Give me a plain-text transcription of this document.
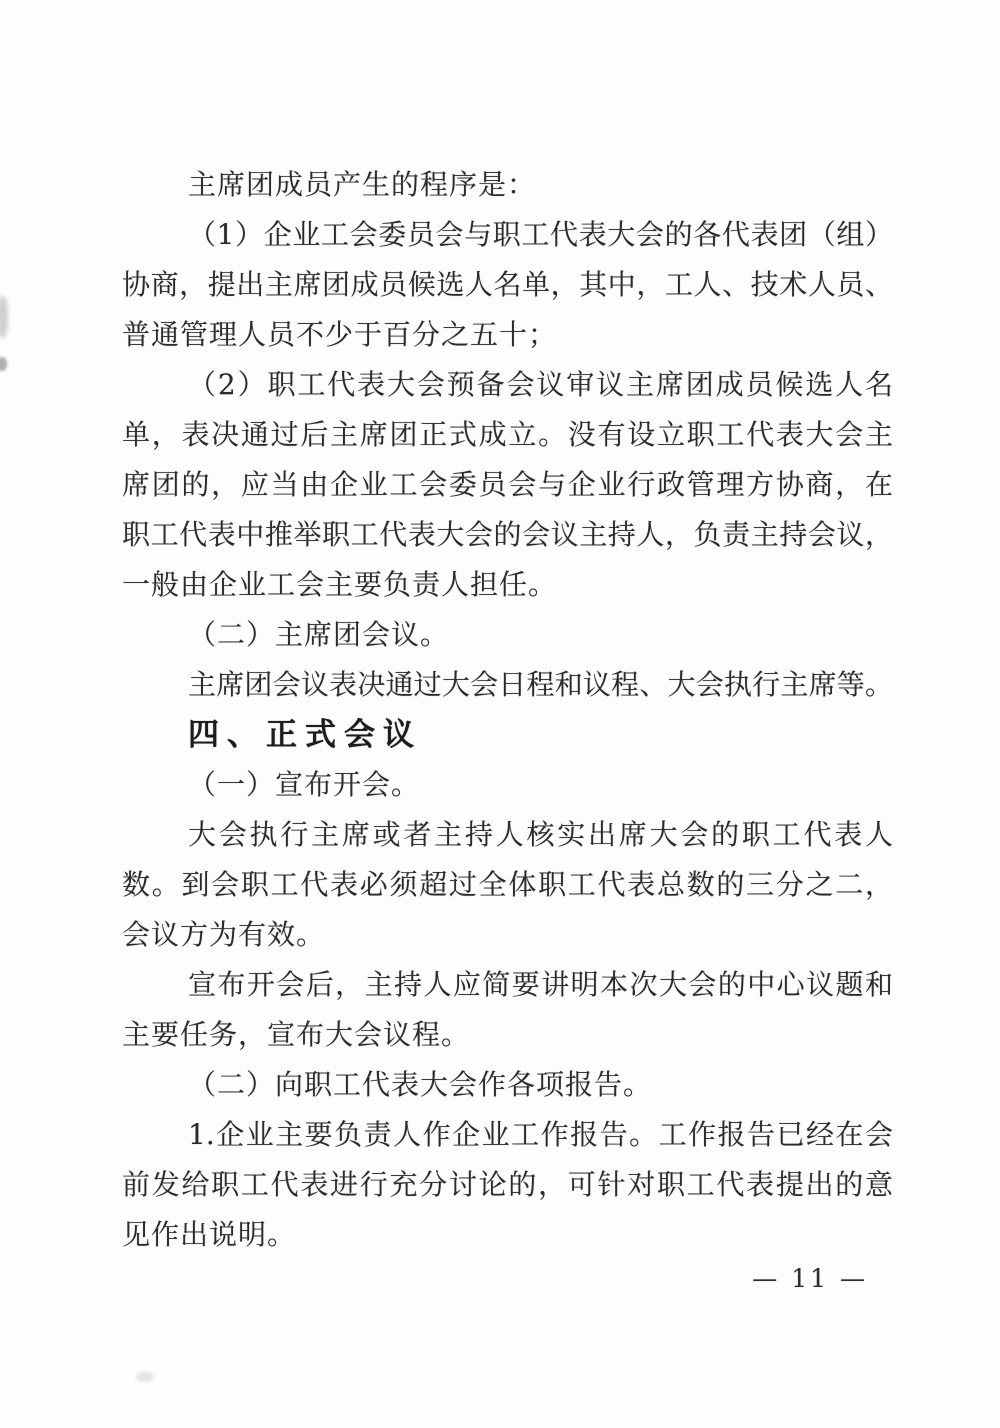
主席团成员产生的程序是：
（1）企业工会委员会与职工代表大会的各代表团（组）
协商，提出主席团成员候选人名单，其中，工人、技术人员、
普通管理人员不少于百分之五十；
（2）职工代表大会预备会议审议主席团成员候选人名
单，表决通过后主席团正式成立。没有设立职工代表大会主
席团的，应当由企业工会委员会与企业行政管理方协商，在
职工代表中推举职工代表大会的会议主持人，负责主持会议，
一般由企业工会主要负责人担任。
（二）主席团会议。
主席团会议表决通过大会日程和议程、大会执行主席等。
四、正式会议
（一）宣布开会。
大会执行主席或者主持人核实出席大会的职工代表人
数。到会职工代表必须超过全体职工代表总数的三分之二，
会议方为有效。
宣布开会后，主持人应简要讲明本次大会的中心议题和
主要任务，宣布大会议程。
（二）向职工代表大会作各项报告。
1.企业主要负责人作企业工作报告。工作报告已经在会
前发给职工代表进行充分讨论的，可针对职工代表提出的意
见作出说明。
— 11 —
